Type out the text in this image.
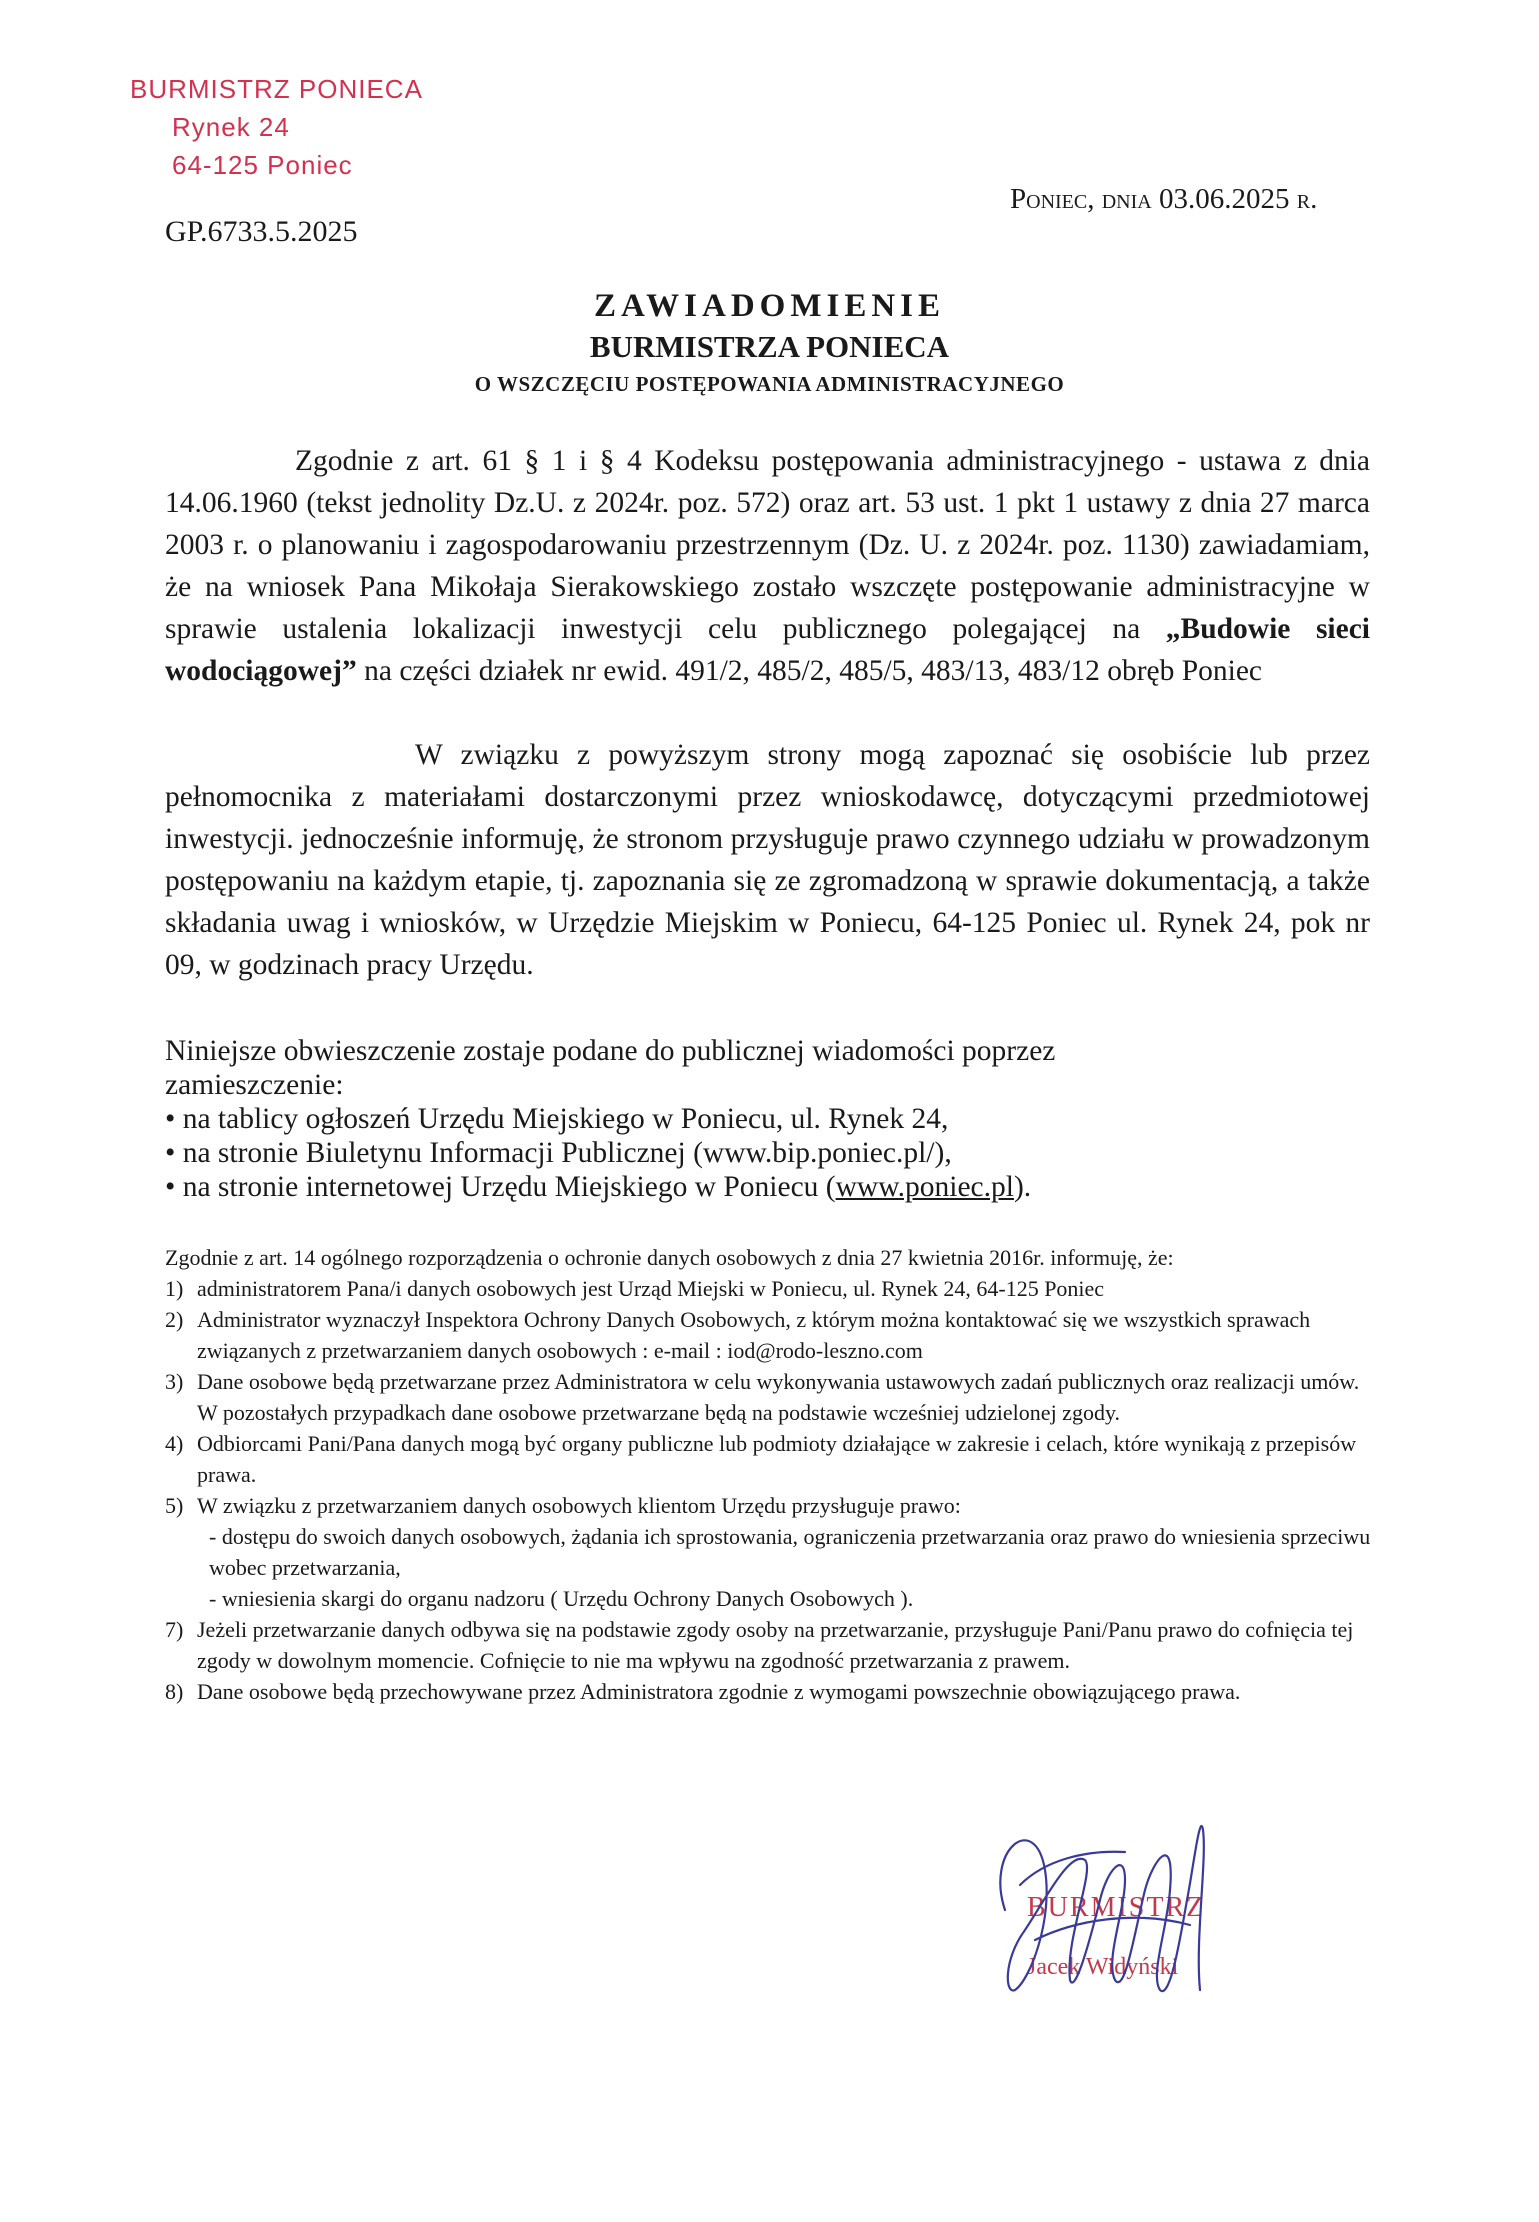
BURMISTRZ PONIECA
Rynek 24
64-125 Poniec
GP.6733.5.2025
Poniec, dnia 03.06.2025 r.
ZAWIADOMIENIE
BURMISTRZA PONIECA
O WSZCZĘCIU POSTĘPOWANIA ADMINISTRACYJNEGO
Zgodnie z art. 61 § 1 i § 4 Kodeksu postępowania administracyjnego - ustawa z dnia 14.06.1960 (tekst jednolity Dz.U. z 2024r. poz. 572) oraz art. 53 ust. 1 pkt 1 ustawy z dnia 27 marca 2003 r. o planowaniu i zagospodarowaniu przestrzennym (Dz. U. z 2024r. poz. 1130) zawiadamiam, że na wniosek Pana Mikołaja Sierakowskiego zostało wszczęte postępowanie administracyjne w sprawie ustalenia lokalizacji inwestycji celu publicznego polegającej na „Budowie sieci wodociągowej” na części działek nr ewid. 491/2, 485/2, 485/5, 483/13, 483/12 obręb Poniec
W związku z powyższym strony mogą zapoznać się osobiście lub przez pełnomocnika z materiałami dostarczonymi przez wnioskodawcę, dotyczącymi przedmiotowej inwestycji. jednocześnie informuję, że stronom przysługuje prawo czynnego udziału w prowadzonym postępowaniu na każdym etapie, tj. zapoznania się ze zgromadzoną w sprawie dokumentacją, a także składania uwag i wniosków, w Urzędzie Miejskim w Poniecu, 64-125 Poniec ul. Rynek 24, pok nr 09, w godzinach pracy Urzędu.
Niniejsze obwieszczenie zostaje podane do publicznej wiadomości poprzez
zamieszczenie:
• na tablicy ogłoszeń Urzędu Miejskiego w Poniecu, ul. Rynek 24,
• na stronie Biuletynu Informacji Publicznej (www.bip.poniec.pl/),
• na stronie internetowej Urzędu Miejskiego w Poniecu (www.poniec.pl).
Zgodnie z art. 14 ogólnego rozporządzenia o ochronie danych osobowych z dnia 27 kwietnia 2016r. informuję, że:
1) administratorem Pana/i danych osobowych jest Urząd Miejski w Poniecu, ul. Rynek 24, 64-125 Poniec
2) Administrator wyznaczył Inspektora Ochrony Danych Osobowych, z którym można kontaktować się we wszystkich sprawach związanych z przetwarzaniem danych osobowych : e-mail : iod@rodo-leszno.com
3) Dane osobowe będą przetwarzane przez Administratora w celu wykonywania ustawowych zadań publicznych oraz realizacji umów. W pozostałych przypadkach dane osobowe przetwarzane będą na podstawie wcześniej udzielonej zgody.
4) Odbiorcami Pani/Pana danych mogą być organy publiczne lub podmioty działające w zakresie i celach, które wynikają z przepisów prawa.
5) W związku z przetwarzaniem danych osobowych klientom Urzędu przysługuje prawo:
- dostępu do swoich danych osobowych, żądania ich sprostowania, ograniczenia przetwarzania oraz prawo do wniesienia sprzeciwu wobec przetwarzania,
- wniesienia skargi do organu nadzoru ( Urzędu Ochrony Danych Osobowych ).
7) Jeżeli przetwarzanie danych odbywa się na podstawie zgody osoby na przetwarzanie, przysługuje Pani/Panu prawo do cofnięcia tej zgody w dowolnym momencie. Cofnięcie to nie ma wpływu na zgodność przetwarzania z prawem.
8) Dane osobowe będą przechowywane przez Administratora zgodnie z wymogami powszechnie obowiązującego prawa.
BURMISTRZ
Jacek Widyński
